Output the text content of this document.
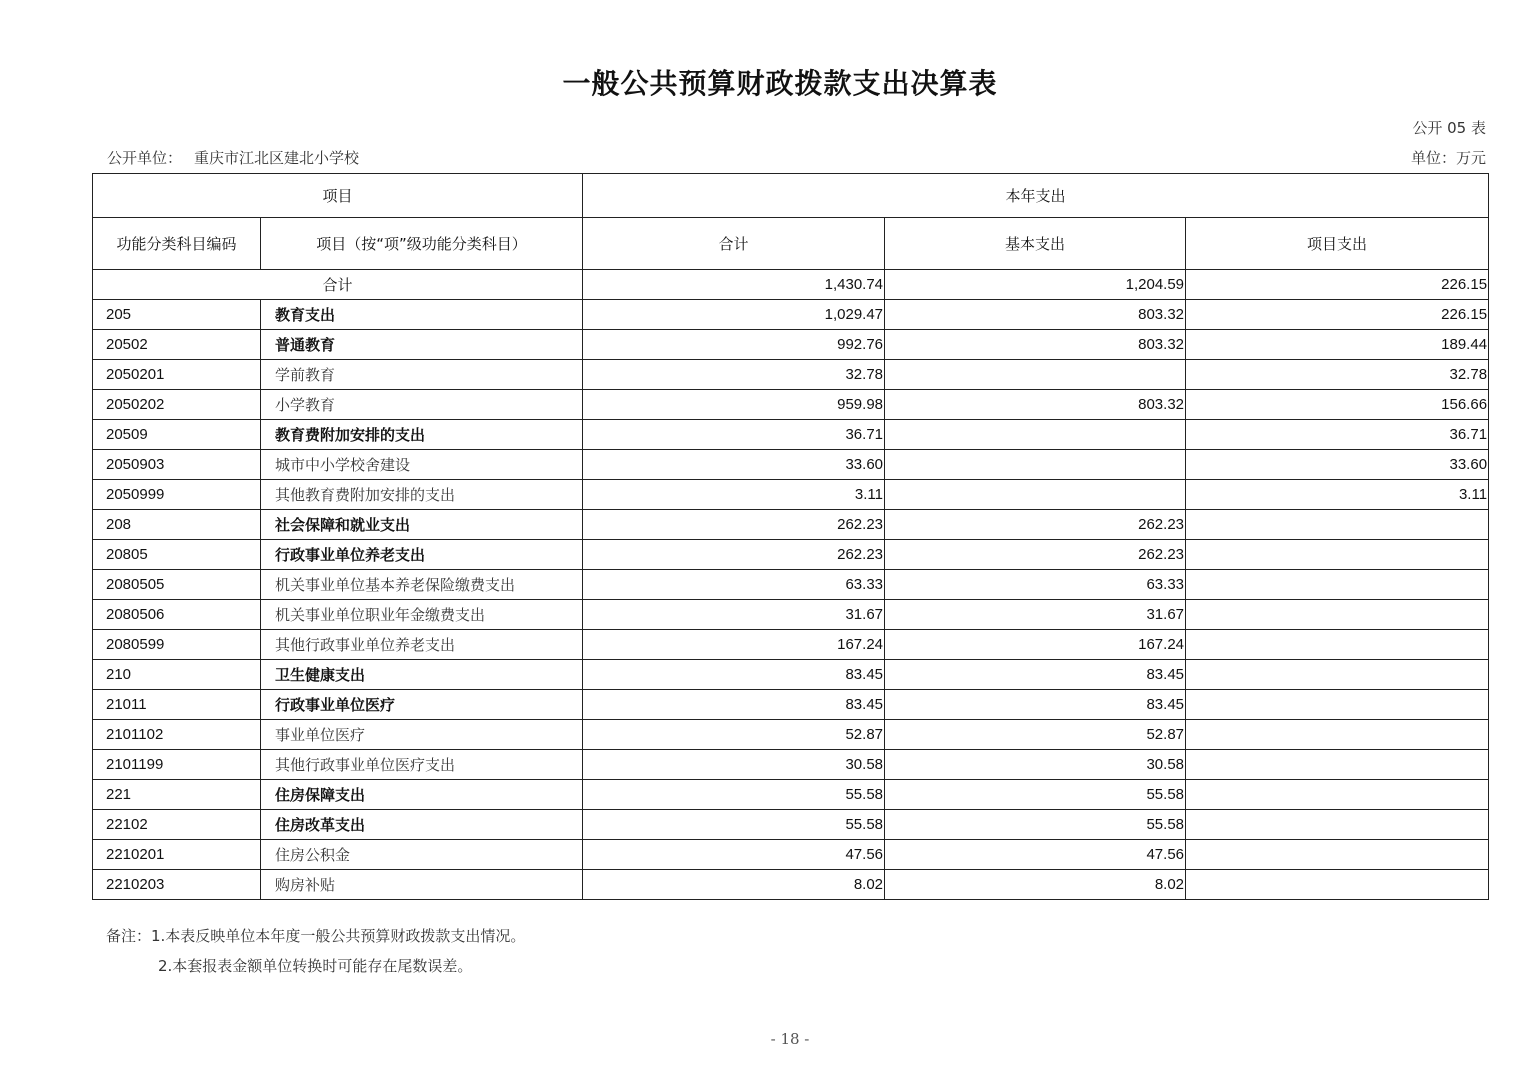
一般公共预算财政拨款支出决算表
公开 05 表
公开单位： 重庆市江北区建北小学校	单位：万元
项目		本年支出		
功能分类科目编码	项目（按“项”级功能分类科目）	合计	基本支出	项目支出
合计		1,430.74	1,204.59	226.15
205	教育支出	1,029.47	803.32	226.15
20502	普通教育	992.76	803.32	189.44
2050201	学前教育	32.78		32.78
2050202	小学教育	959.98	803.32	156.66
20509	教育费附加安排的支出	36.71		36.71
2050903	城市中小学校舍建设	33.60		33.60
2050999	其他教育费附加安排的支出	3.11		3.11
208	社会保障和就业支出	262.23	262.23	
20805	行政事业单位养老支出	262.23	262.23	
2080505	机关事业单位基本养老保险缴费支出	63.33	63.33	
2080506	机关事业单位职业年金缴费支出	31.67	31.67	
2080599	其他行政事业单位养老支出	167.24	167.24	
210	卫生健康支出	83.45	83.45	
21011	行政事业单位医疗	83.45	83.45	
2101102	事业单位医疗	52.87	52.87	
2101199	其他行政事业单位医疗支出	30.58	30.58	
221	住房保障支出	55.58	55.58	
22102	住房改革支出	55.58	55.58	
2210201	住房公积金	47.56	47.56	
2210203	购房补贴	8.02	8.02	
备注：1.本表反映单位本年度一般公共预算财政拨款支出情况。
2.本套报表金额单位转换时可能存在尾数误差。
- 18 -
